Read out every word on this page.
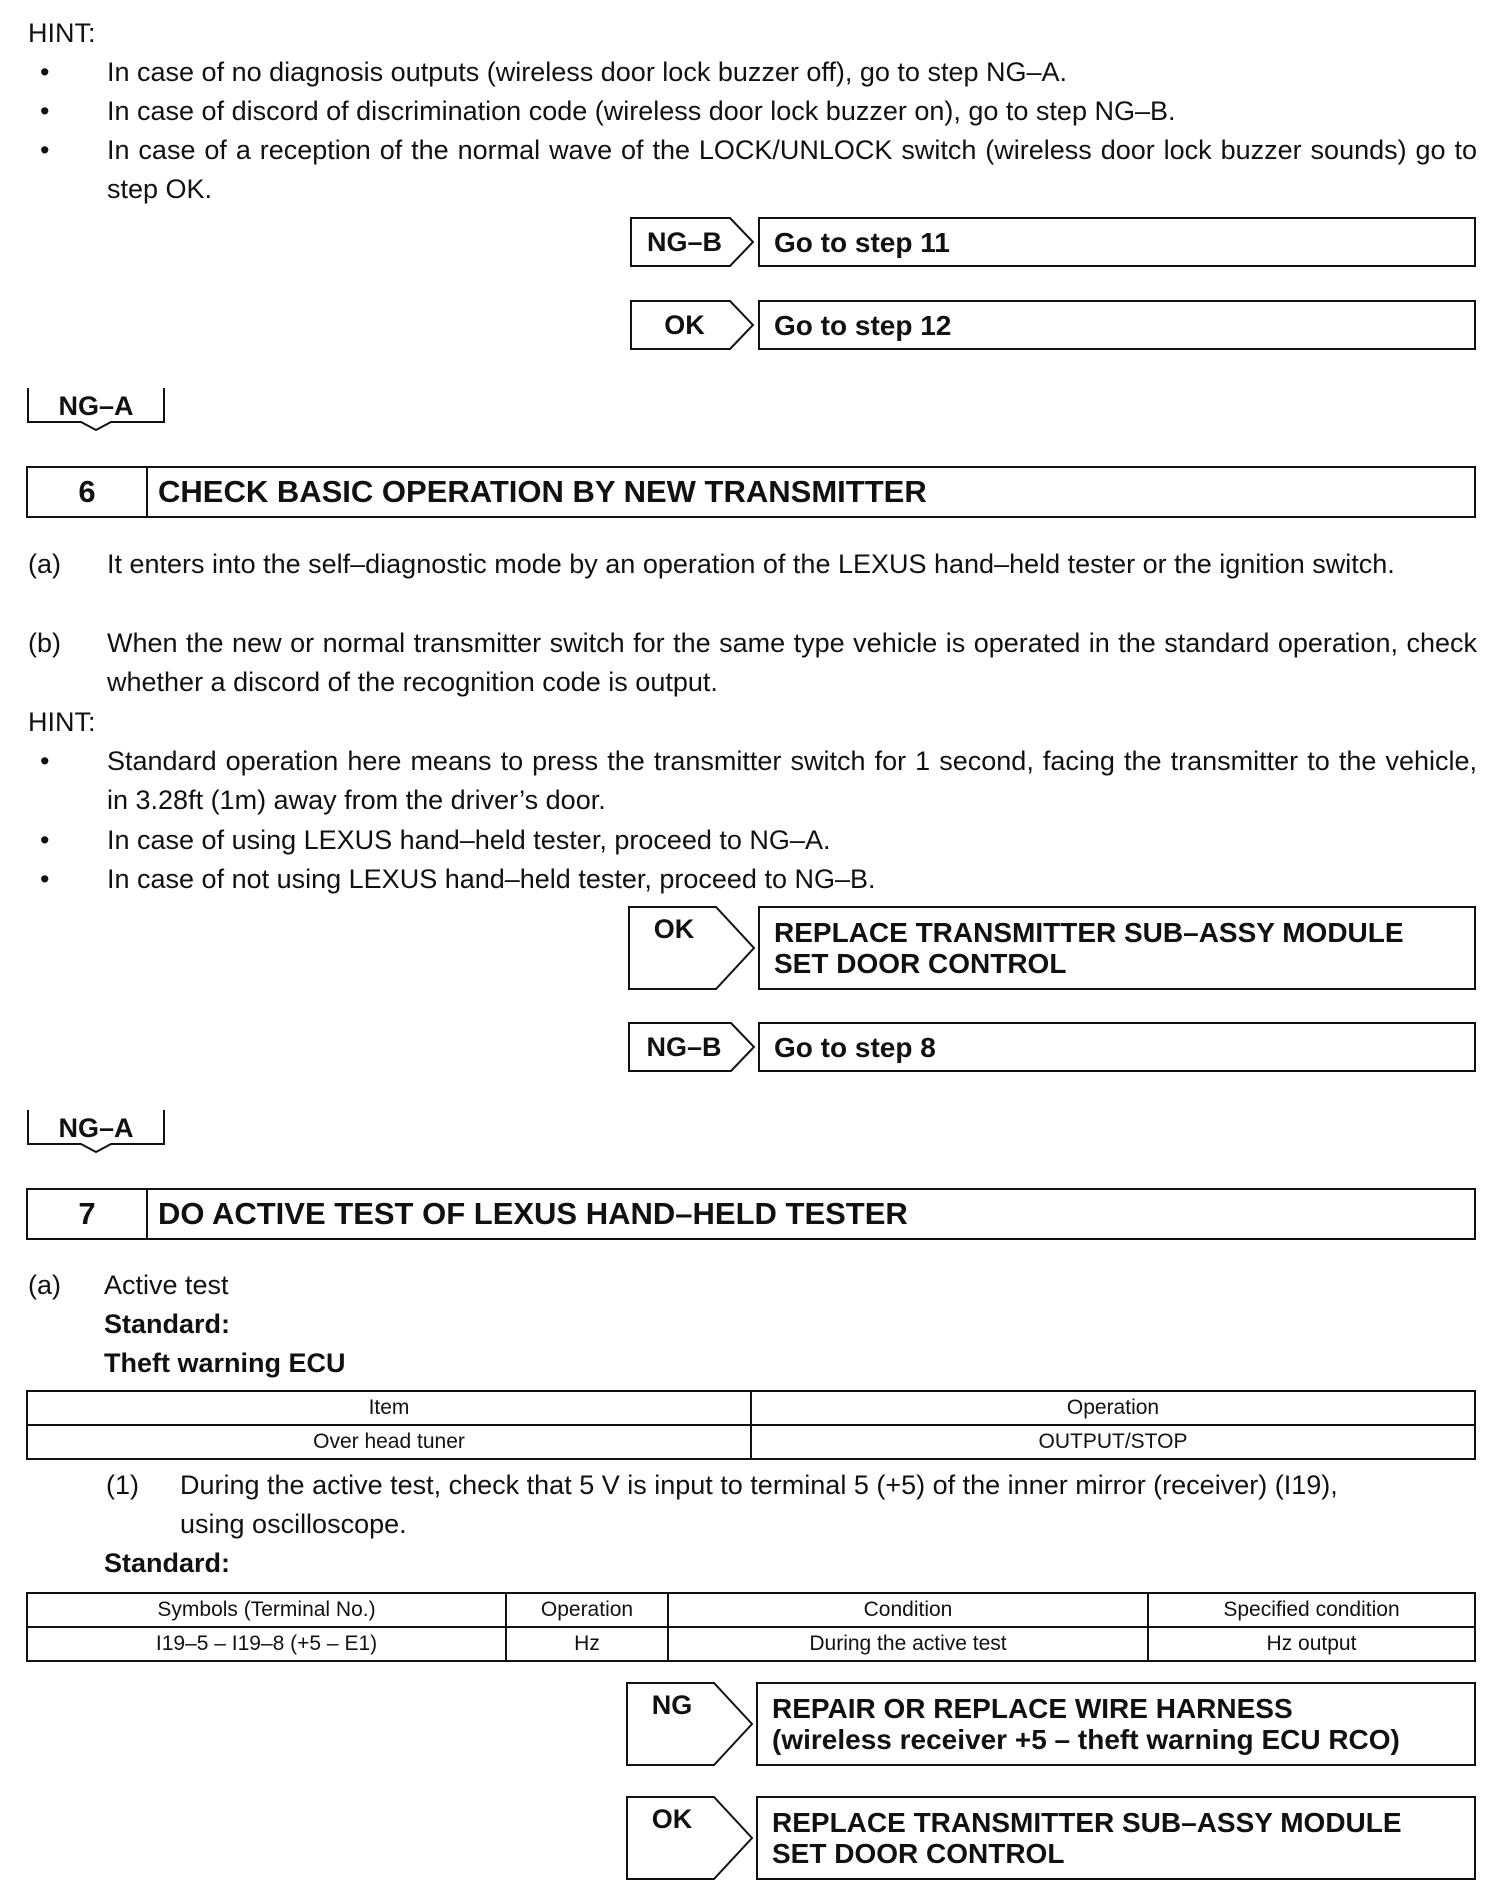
HINT:
• In case of no diagnosis outputs (wireless door lock buzzer off), go to step NG–A.
• In case of discord of discrimination code (wireless door lock buzzer on), go to step NG–B.
• In case of a reception of the normal wave of the LOCK/UNLOCK switch (wireless door lock buzzer sounds) go to step OK.
NG–B Go to step 11
OK Go to step 12
NG–A
6	CHECK BASIC OPERATION BY NEW TRANSMITTER
(a) It enters into the self–diagnostic mode by an operation of the LEXUS hand–held tester or the ignition switch.
(b) When the new or normal transmitter switch for the same type vehicle is operated in the standard operation, check whether a discord of the recognition code is output.
HINT:
• Standard operation here means to press the transmitter switch for 1 second, facing the transmitter to the vehicle, in 3.28ft (1m) away from the driver’s door.
• In case of using LEXUS hand–held tester, proceed to NG–A.
• In case of not using LEXUS hand–held tester, proceed to NG–B.
OK	REPLACE TRANSMITTER SUB–ASSY MODULE
SET DOOR CONTROL
NG–B Go to step 8
NG–A
7	DO ACTIVE TEST OF LEXUS HAND–HELD TESTER
(a) Active test
Standard:
Theft warning ECU
Item	Operation
Over head tuner	OUTPUT/STOP
(1) During the active test, check that 5 V is input to terminal 5 (+5) of the inner mirror (receiver) (I19),
using oscilloscope.
Standard:
Symbols (Terminal No.)	Operation	Condition	Specified condition
I19–5 – I19–8 (+5 – E1)	Hz	During the active test	Hz output
NG	REPAIR OR REPLACE WIRE HARNESS
(wireless receiver +5 – theft warning ECU RCO)
OK	REPLACE TRANSMITTER SUB–ASSY MODULE
SET DOOR CONTROL
